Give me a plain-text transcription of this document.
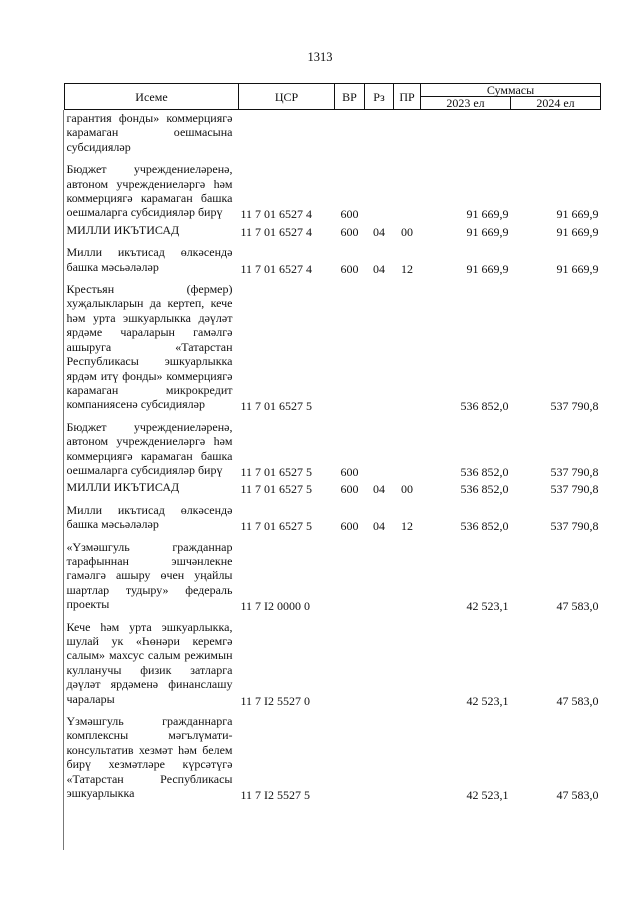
1313
Исеме	ЦСР	ВР	Рз	ПР	Суммасы	
					2023 ел	2024 ел
гарантия фонды» коммерциягә карамаган оешмасына субсидияләр						
Бюджет учреждениеләренә, автоном учреждениеләргә һәм коммерциягә карамаган башка оешмаларга субсидияләр бирү	11 7 01 6527 4	600			91 669,9	91 669,9
МИЛЛИ ИКЪТИСАД	11 7 01 6527 4	600	04	00	91 669,9	91 669,9
Милли икътисад өлкәсендә башка мәсьәләләр	11 7 01 6527 4	600	04	12	91 669,9	91 669,9
Крестьян (фермер) хуҗалыкларын да кертеп, кече һәм урта эшкуарлыкка дәүләт ярдәме чараларын гамәлгә ашыруга «Татарстан Республикасы эшкуарлыкка ярдәм итү фонды» коммерциягә карамаган микрокредит компаниясенә субсидияләр	11 7 01 6527 5				536 852,0	537 790,8
Бюджет учреждениеләренә, автоном учреждениеләргә һәм коммерциягә карамаган башка оешмаларга субсидияләр бирү	11 7 01 6527 5	600			536 852,0	537 790,8
МИЛЛИ ИКЪТИСАД	11 7 01 6527 5	600	04	00	536 852,0	537 790,8
Милли икътисад өлкәсендә башка мәсьәләләр	11 7 01 6527 5	600	04	12	536 852,0	537 790,8
«Үзмәшгуль гражданнар тарафыннан эшчәнлекне гамәлгә ашыру өчен уңайлы шартлар тудыру» федераль проекты	11 7 I2 0000 0				42 523,1	47 583,0
Кече һәм урта эшкуарлыкка, шулай ук «Һөнәри керемгә салым» махсус салым режимын кулланучы физик затларга дәүләт ярдәменә финанслашу чаралары	11 7 I2 5527 0				42 523,1	47 583,0
Үзмәшгуль гражданнарга комплексны мәгълүмати-консультатив хезмәт һәм белем бирү хезмәтләре күрсәтүгә «Татарстан Республикасы эшкуарлыкка	11 7 I2 5527 5				42 523,1	47 583,0
